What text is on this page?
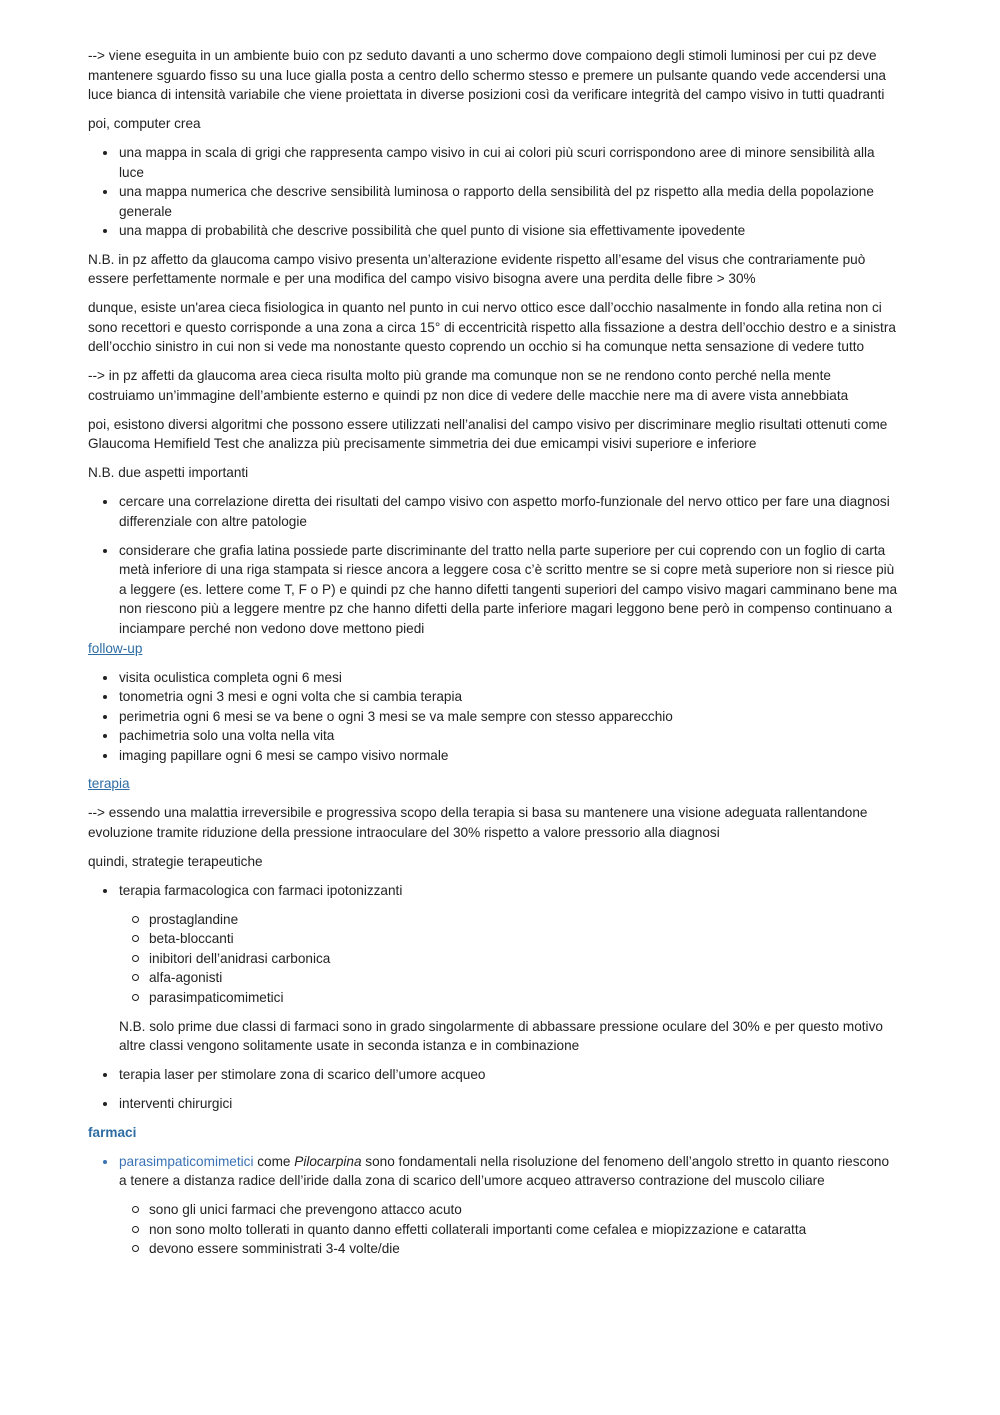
--> viene eseguita in un ambiente buio con pz seduto davanti a uno schermo dove compaiono degli stimoli luminosi per cui pz deve mantenere sguardo fisso su una luce gialla posta a centro dello schermo stesso e premere un pulsante quando vede accendersi una luce bianca di intensità variabile che viene proiettata in diverse posizioni così da verificare integrità del campo visivo in tutti quadranti

poi, computer crea

una mappa in scala di grigi che rappresenta campo visivo in cui ai colori più scuri corrispondono aree di minore sensibilità alla luce
una mappa numerica che descrive sensibilità luminosa o rapporto della sensibilità del pz rispetto alla media della popolazione generale
una mappa di probabilità che descrive possibilità che quel punto di visione sia effettivamente ipovedente

N.B. in pz affetto da glaucoma campo visivo presenta un’alterazione evidente rispetto all’esame del visus che contrariamente può essere perfettamente normale e per una modifica del campo visivo bisogna avere una perdita delle fibre > 30%

dunque, esiste un'area cieca fisiologica in quanto nel punto in cui nervo ottico esce dall’occhio nasalmente in fondo alla retina non ci sono recettori e questo corrisponde a una zona a circa 15° di eccentricità rispetto alla fissazione a destra dell’occhio destro e a sinistra dell’occhio sinistro in cui non si vede ma nonostante questo coprendo un occhio si ha comunque netta sensazione di vedere tutto

--> in pz affetti da glaucoma area cieca risulta molto più grande ma comunque non se ne rendono conto perché nella mente costruiamo un’immagine dell’ambiente esterno e quindi pz non dice di vedere delle macchie nere ma di avere vista annebbiata

poi, esistono diversi algoritmi che possono essere utilizzati nell’analisi del campo visivo per discriminare meglio risultati ottenuti come Glaucoma Hemifield Test che analizza più precisamente simmetria dei due emicampi visivi superiore e inferiore

N.B. due aspetti importanti

cercare una correlazione diretta dei risultati del campo visivo con aspetto morfo-funzionale del nervo ottico per fare una diagnosi differenziale con altre patologie
considerare che grafia latina possiede parte discriminante del tratto nella parte superiore per cui coprendo con un foglio di carta metà inferiore di una riga stampata si riesce ancora a leggere cosa c’è scritto mentre se si copre metà superiore non si riesce più a leggere (es. lettere come T, F o P) e quindi pz che hanno difetti tangenti superiori del campo visivo magari camminano bene ma non riescono più a leggere mentre pz che hanno difetti della parte inferiore magari leggono bene però in compenso continuano a inciampare perché non vedono dove mettono piedi
follow-up
visita oculistica completa ogni 6 mesi
tonometria ogni 3 mesi e ogni volta che si cambia terapia
perimetria ogni 6 mesi se va bene o ogni 3 mesi se va male sempre con stesso apparecchio
pachimetria solo una volta nella vita
imaging papillare ogni 6 mesi se campo visivo normale
terapia

--> essendo una malattia irreversibile e progressiva scopo della terapia si basa su mantenere una visione adeguata rallentandone evoluzione tramite riduzione della pressione intraoculare del 30% rispetto a valore pressorio alla diagnosi

quindi, strategie terapeutiche

terapia farmacologica con farmaci ipotonizzanti
prostaglandine
beta-bloccanti
inibitori dell’anidrasi carbonica
alfa-agonisti
parasimpaticomimetici
N.B. solo prime due classi di farmaci sono in grado singolarmente di abbassare pressione oculare del 30% e per questo motivo altre classi vengono solitamente usate in seconda istanza e in combinazione
terapia laser per stimolare zona di scarico dell’umore acqueo
interventi chirurgici
farmaci
parasimpaticomimetici come Pilocarpina sono fondamentali nella risoluzione del fenomeno dell’angolo stretto in quanto riescono a tenere a distanza radice dell’iride dalla zona di scarico dell’umore acqueo attraverso contrazione del muscolo ciliare
sono gli unici farmaci che prevengono attacco acuto
non sono molto tollerati in quanto danno effetti collaterali importanti come cefalea e miopizzazione e cataratta
devono essere somministrati 3-4 volte/die
